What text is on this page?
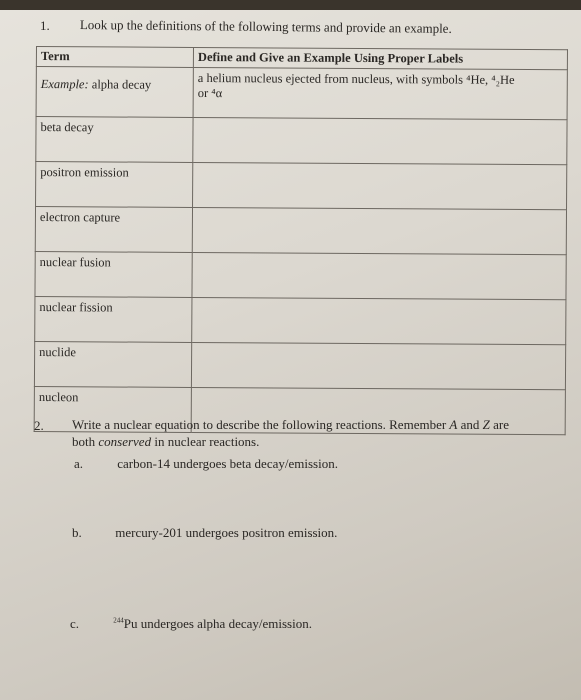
1. Look up the definitions of the following terms and provide an example.
Term	Define and Give an Example Using Proper Labels
Example: alpha decay	a helium nucleus ejected from nucleus, with symbols ⁴He, ⁴₂He
or ⁴α

beta decay	
positron emission	
electron capture	
nuclear fusion	
nuclear fission	
nuclide	
nucleon	
2. Write a nuclear equation to describe the following reactions. Remember A and Z are
both conserved in nuclear reactions.
a.	carbon-14 undergoes beta decay/emission.
b.	mercury-201 undergoes positron emission.
c.	$^{244}$Pu undergoes alpha decay/emission.
